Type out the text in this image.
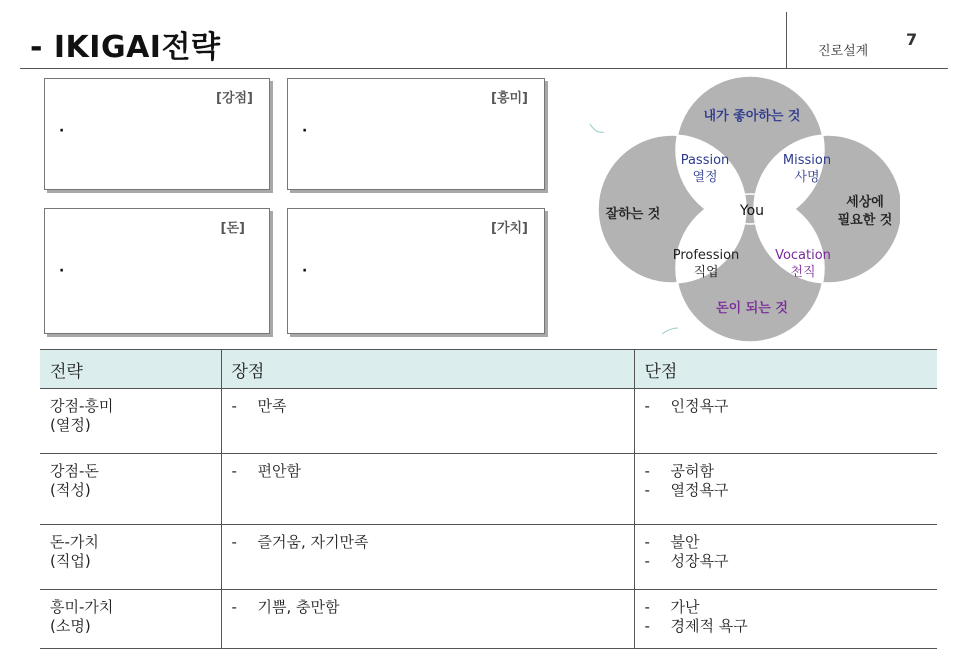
- IKIGAI전략	진로설계
7
[강점]
·
[흥미]
·
[돈]
·
[가치]
·
내가 좋아하는 것
잘하는 것
세상에
필요한 것
돈이 되는 것
Passion
열정
Mission
사명
Profession
직업
Vocation
천직
You
전략	장점	단점

강점-흥미
(열정)	- 만족	- 인정욕구

강점-돈
(적성)	- 편안함	- 공허함
- 열정욕구

돈-가치
(직업)	- 즐거움, 자기만족	- 불안
- 성장욕구

흥미-가치
(소명)	- 기쁨, 충만함	- 가난
- 경제적 욕구
